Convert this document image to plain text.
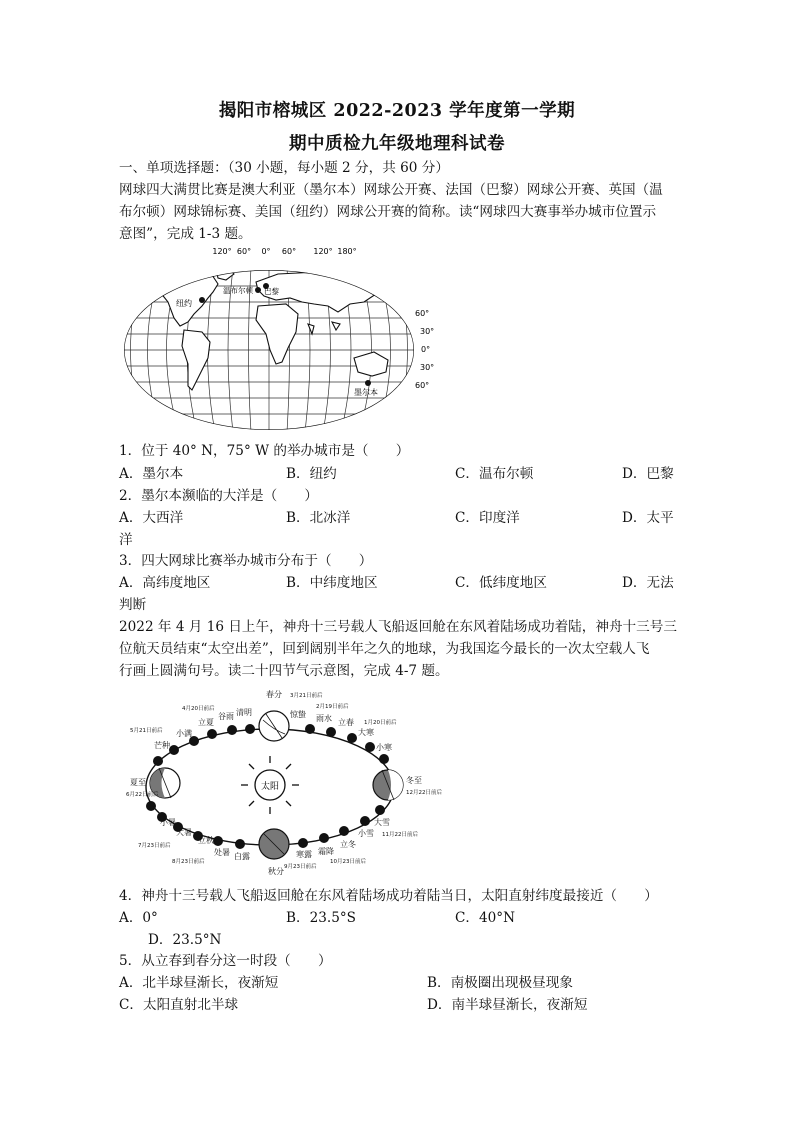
揭阳市榕城区 2022-2023 学年度第一学期
期中质检九年级地理科试卷
一、单项选择题：（30 小题，每小题 2 分，共 60 分）
网球四大满贯比赛是澳大利亚（墨尔本）网球公开赛、法国（巴黎）网球公开赛、英国（温
布尔顿）网球锦标赛、美国（纽约）网球公开赛的简称。读“网球四大赛事举办城市位置示
意图”，完成 1-3 题。
120° 60° 0° 60° 120° 180°
60°
30°
0°
30°
60°
纽约
温布尔顿 巴黎
墨尔本
1．位于 40° N，75° W 的举办城市是（　　）
A．墨尔本	B．纽约	C．温布尔顿	D．巴黎
2．墨尔本濒临的大洋是（　　）
A．大西洋	B．北冰洋	C．印度洋	D．太平
洋
3．四大网球比赛举办城市分布于（　　）
A．高纬度地区	B．中纬度地区	C．低纬度地区	D．无法
判断
2022 年 4 月 16 日上午，神舟十三号载人飞船返回舱在东风着陆场成功着陆，神舟十三号三
位航天员结束“太空出差”，回到阔别半年之久的地球，为我国迄今最长的一次太空载人飞
行画上圆满句号。读二十四节气示意图，完成 4-7 题。
太阳
春分
清明
谷雨
立夏
小满
芒种
夏至
小暑
大暑
立秋
处暑 白露
秋分
寒露 霜降
立冬
小雪
大雪
冬至
小寒
大寒
立春
雨水
惊蛰
3月21日前后
4月20日前后
5月21日前后
2月19日前后
1月20日前后
6月22日前后	12月22日前后
7月23日前后
8月23日前后
9月23日前后
10月23日前后
11月22日前后
4．神舟十三号载人飞船返回舱在东风着陆场成功着陆当日，太阳直射纬度最接近（　　）
A．0°	B．23.5°S	C．40°N
D．23.5°N
5．从立春到春分这一时段（　　）
A．北半球昼渐长，夜渐短	B．南极圈出现极昼现象
C．太阳直射北半球	D．南半球昼渐长，夜渐短
